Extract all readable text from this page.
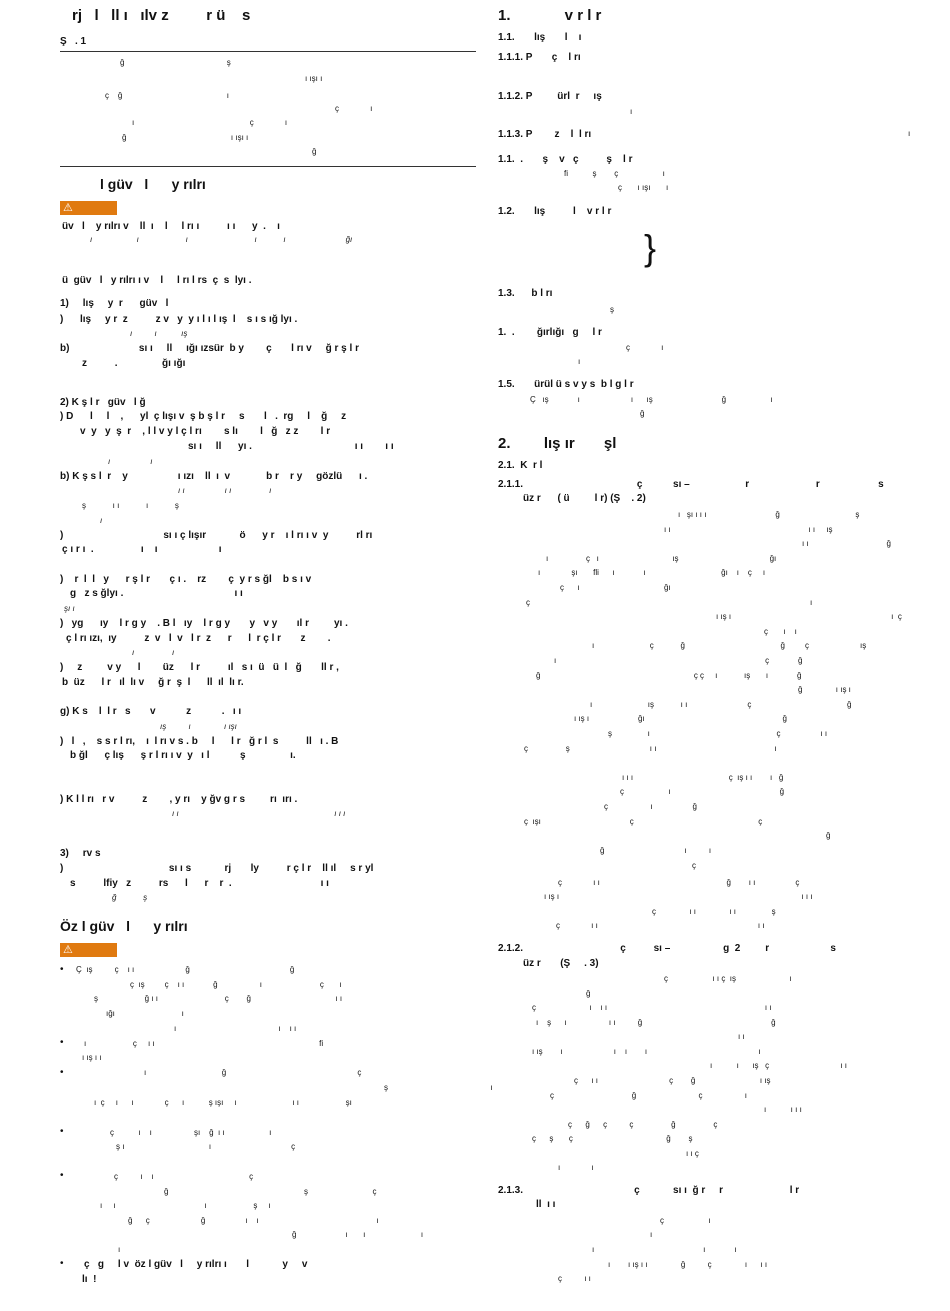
rj   l   ll ı   ılv z         r ü    s
Ş   . 1
ğ                                              ş
ı ışı ı
ç    ğ                                               ı
ç              ı
ı                                                    ç              ı
ğ                                               ı ışı ı
ğ
l güv   l      y rılrı
⚠
üv   l    y rılrı v    ll  ı    l     l rı ı          ı ı      y  .    ı
ı                    ı                     ı                              ı            ı                           ğı
ü  güv   l   y rılrı ı v    l     l rı l rs  ç  s  lyı .
1)     lış     y  r      güv   l
)      lış     y r  z          z v   y  y ı l ı l ış  l    s ı s ığ lyı .
ı          ı           ış
b)                         sı ı     ll     ığı ızsür  b y        ç       l rı v     ğ r ş l r
z          .                ğı ığı
2) K ş l r   güv   l ğ
) D      l     l    ,      yl  ç lışı v  ş b ş l r     s       l   .  rg     l    ğ     z
v  y   y  ş  r    , l l v y l ç l rı        s lı        l   ğ   z z        l r
sı ı     ll      yı .                                     ı ı        ı ı
ı                  ı
b) K ş s l  r    y                  ı ızı    ll  ı  v             b r    r y     gözlü      ı .
ı ı                  ı ı                 ı
ş            ı ı            ı            ş
ı
)                                    sı ı ç lışır            ö      y r    ı l rı ı v  y          rl rı
ç ı r ı  .                 ı    ı                      ı
)    r  l  l   y      r ş l r       ç ı .    rz        ç  y r s ğl    b s ı v
g   z s ğlyı .                                        ı ı
şı ı
)   yg      ıy    l r g y    . B l   ıy    l r g y       y   v y       ıl r         yı .
ç l rı ızı,  ıy          z  v   l  v   l r  z      r      l  r ç l r       z        .
ı                 ı
)     z         v y      l        üz      l r          ıl   s ı  ü   ü  l   ğ       ll r ,
b  üz      l r   ıl  lı v     ğ r  ş  l      ll  ıl  lı r.
g) K s    l  l r   s       v           z           .   ı ı
ış          ı               ı ışı
)   l   ,    s s r l rı,    ı  l rı v s . b     l      l r   ğ r l  s          ll   ı . B
b ğl      ç lış      ş r l rı ı v  y   ı l           ş                ı.
) K l l rı   r v          z        , y rı    y ğv g r s         rı  ırı .
ı ı                                                                      ı ı ı
3)     rv s
)                                      sı ı s            rj       ly          r ç l r    ll ıl     s r yl
s          lfiy   z          rs      l      r    r  .                                ı ı
ğ            ş
Öz l güv   l      y rılrı
⚠
• Ç  ış          ç    ı ı                       ğ                                             ğ
ç  ış         ç    ı ı             ğ                   ı                          ç       ı
ş                     ğ ı ı                              ç        ğ                                      ı ı
ığı                              ı
ı                                              ı    ı ı
•	ı                     ç     ı ı                                                                          fi
ı ış ı ı
•	ı                                  ğ                                                           ç
ş                                              ı
ı  ç     ı      ı              ç      ı           ş ışı     ı                         ı ı                     şı
•	ç           ı    ı                   şı    ğ  ı ı                    ı
ş ı                                      ı                                    ç
•	ç          ı    ı                                           ç
ğ                                                             ş                             ç
ı     ı                                        ı                     ş     ı
ğ      ç                       ğ                  ı    ı                                                     ı
ğ                      ı       ı                         ı
ı
• ç   g     l v  öz l güv   l     y rılrı ı       l            y     v
lı  !
1.             v r l r
1.1.       lış       l    ı
1.1.1. P       ç    l rı
1.1.2. P         ürl  r     ış
ı
1.1.3. P        z    l  l rı	ı
1.1.  .       ş    v   ç          ş    l r
fi           ş        ç                    ı
ç       ı ışı       ı
1.2.       lış          l    v r l r
}
1.3.      b l rı
ş
1.  .        ğırlığı   g     l r
ç              ı
ı
1.5.       ürül ü s v y s  b l g l r
Ç   ış             ı                       ı      ış                               ğ                    ı
ğ
2.        lış ır       şl
2.1.  K  r l
2.1.1.                                         ç           sı –                    r                        r                     s
üz r      ( ü         l r) (Ş    . 2)
ı   şı ı ı ı                               ğ                                  ş
ı ı                                                              ı ı     ış
ı ı                                   ğ
ı                 ç   ı                                 ış                                         ğı
ı              şı       fli      ı             ı                                  ğı    ı    ç     ı
ç      ı                                      ğı
ç                                                                                                                              ı
ı ış ı                                                                        ı  ç
ç       ı    ı
ı                         ç            ğ                                           ğ         ç                       ış
ı                                                                                              ç             ğ
ğ                                                                     ç ç     ı            ış       ı             ğ
ğ               ı ış ı
ı                         ış            ı ı                           ç                                           ğ
ı ış ı                      ğı                                                              ğ
ş                ı                                                         ç                  ı ı
ç                 ş                                    ı ı                                                     ı
ı ı ı                                           ç  ış ı ı        ı   ğ
ç                    ı                                                 ğ
ç                   ı                  ğ
ç  ışı                                        ç                                                        ç
ğ
ğ                                    ı          ı
ç
ç              ı ı                                                         ğ        ı ı                  ç
ı ış ı                                                                                                             ı ı ı
ç               ı ı               ı ı                ş
ç              ı ı                                                                        ı ı
2.1.2.                                   ç          sı –                   g  2         r                      s
üz r       (Ş     . 3)
ç                    ı ı ç  ış                        ı
ğ
ç                        ı    ı ı                                                                       ı ı
ı    ş      ı                   ı ı          ğ                                                          ğ
ı ı
ı ış        ı                       ı    ı        ı                                                  ı
ı           ı      ış   ç                                ı ı
ç      ı ı                                ç        ğ                             ı ış
ç                                   ğ                            ç                   ı
ı           ı ı ı
ç      ğ      ç          ç                 ğ                 ç
ç      ş       ç                                          ğ        ş
ı ı ç
ı              ı
2.1.3.                                        ç            sı ı  ğ r     r                        l r
ll  ı ı
ç                    ı
ı
ı                                                 ı             ı
ı        ı ış ı ı               ğ          ç               ı      ı ı
ç          ı ı
